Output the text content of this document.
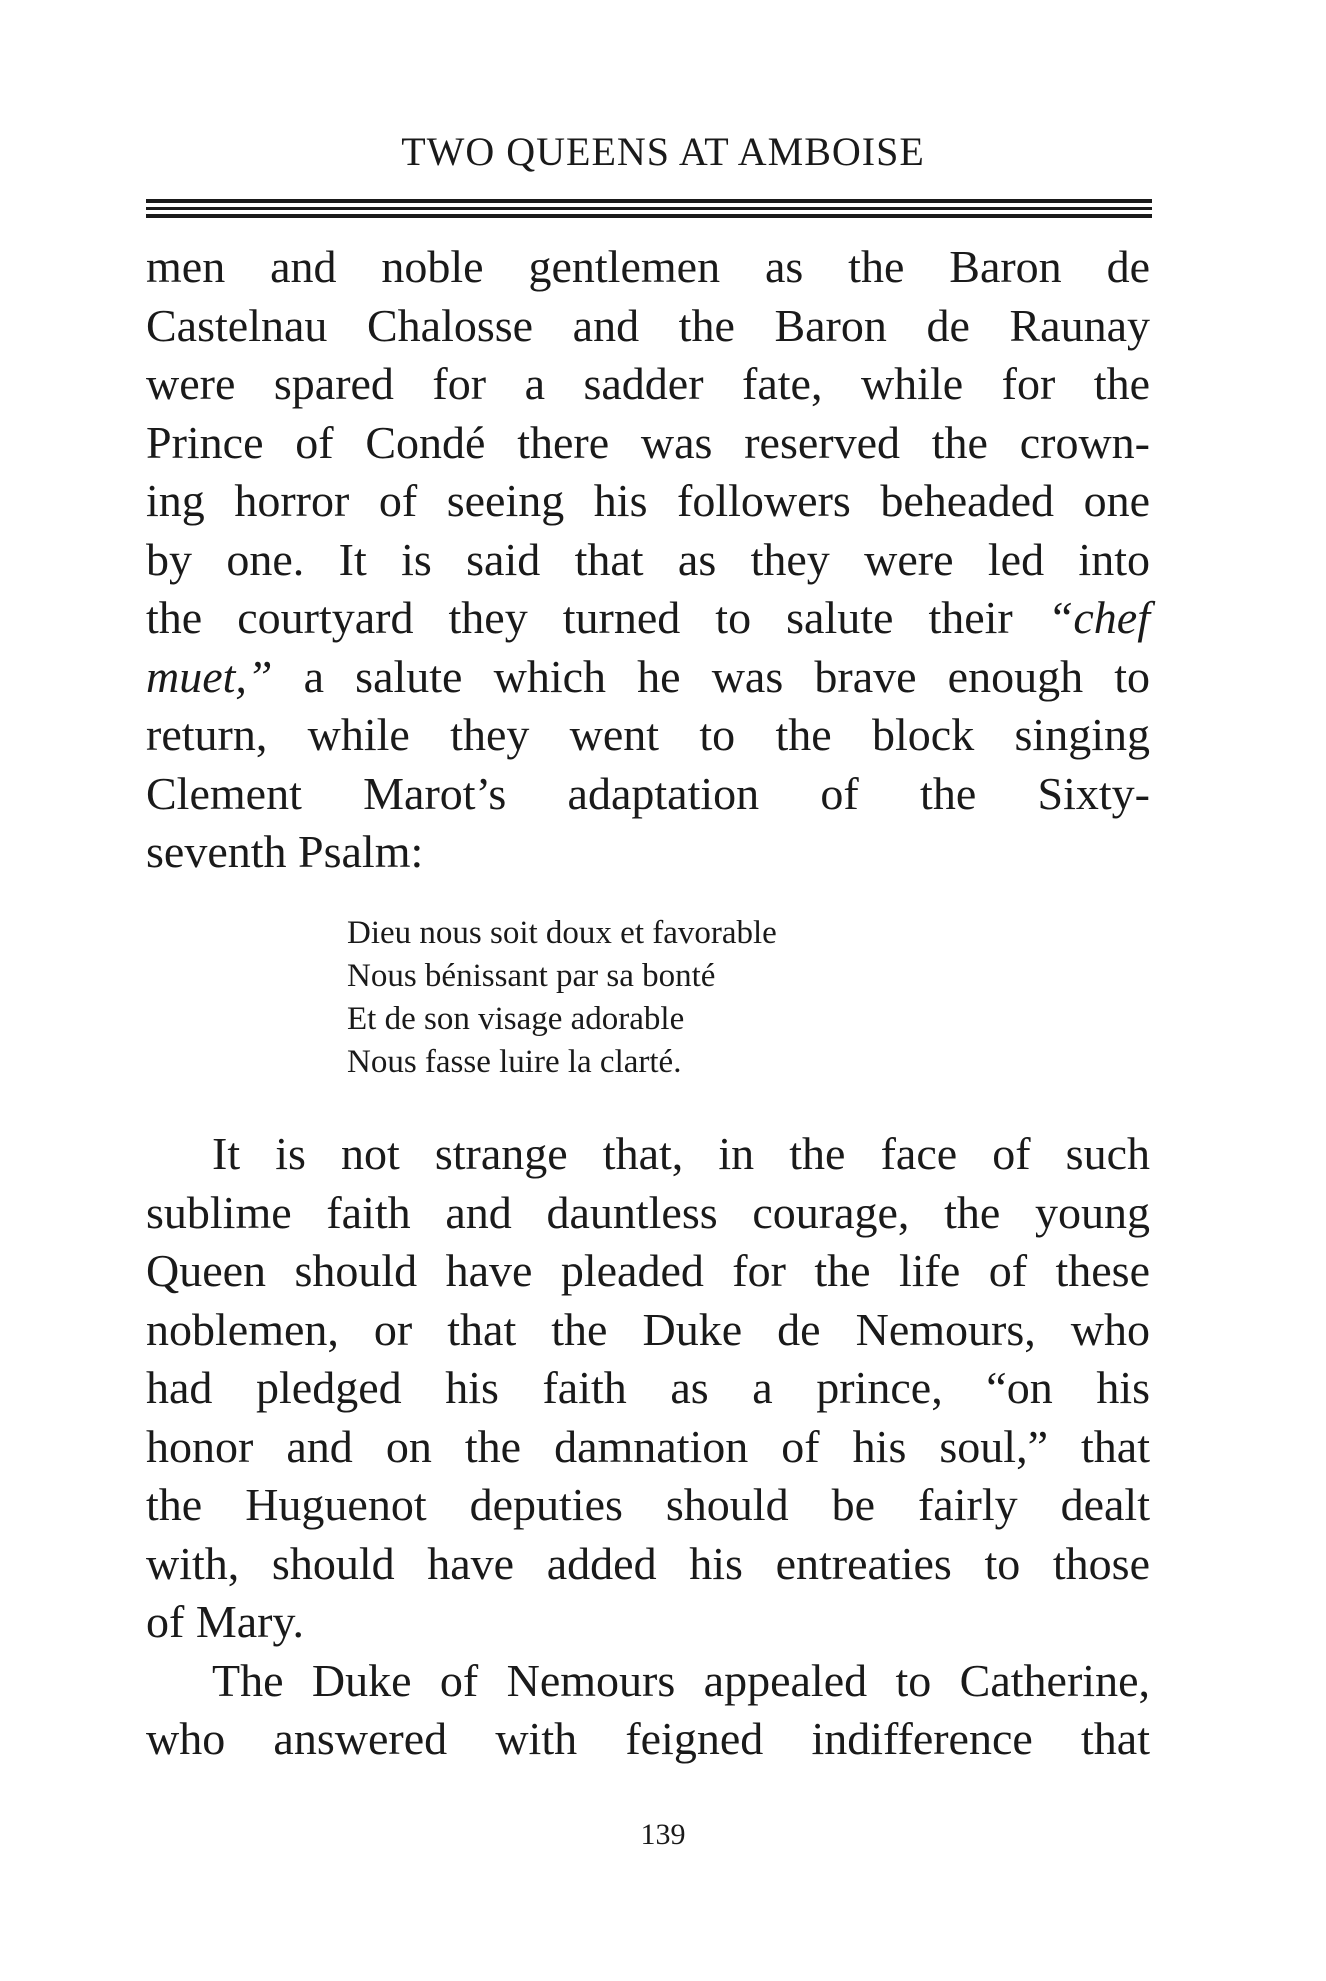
TWO QUEENS AT AMBOISE

men and noble gentlemen as the Baron de
Castelnau Chalosse and the Baron de Raunay
were spared for a sadder fate, while for the
Prince of Condé there was reserved the crown-
ing horror of seeing his followers beheaded one
by one. It is said that as they were led into
the courtyard they turned to salute their “chef
muet,” a salute which he was brave enough to
return, while they went to the block singing
Clement Marot’s adaptation of the Sixty-
seventh Psalm:

Dieu nous soit doux et favorable
Nous bénissant par sa bonté
Et de son visage adorable
Nous fasse luire la clarté.

It is not strange that, in the face of such
sublime faith and dauntless courage, the young
Queen should have pleaded for the life of these
noblemen, or that the Duke de Nemours, who
had pledged his faith as a prince, “on his
honor and on the damnation of his soul,” that
the Huguenot deputies should be fairly dealt
with, should have added his entreaties to those
of Mary.

The Duke of Nemours appealed to Catherine,
who answered with feigned indifference that

139
